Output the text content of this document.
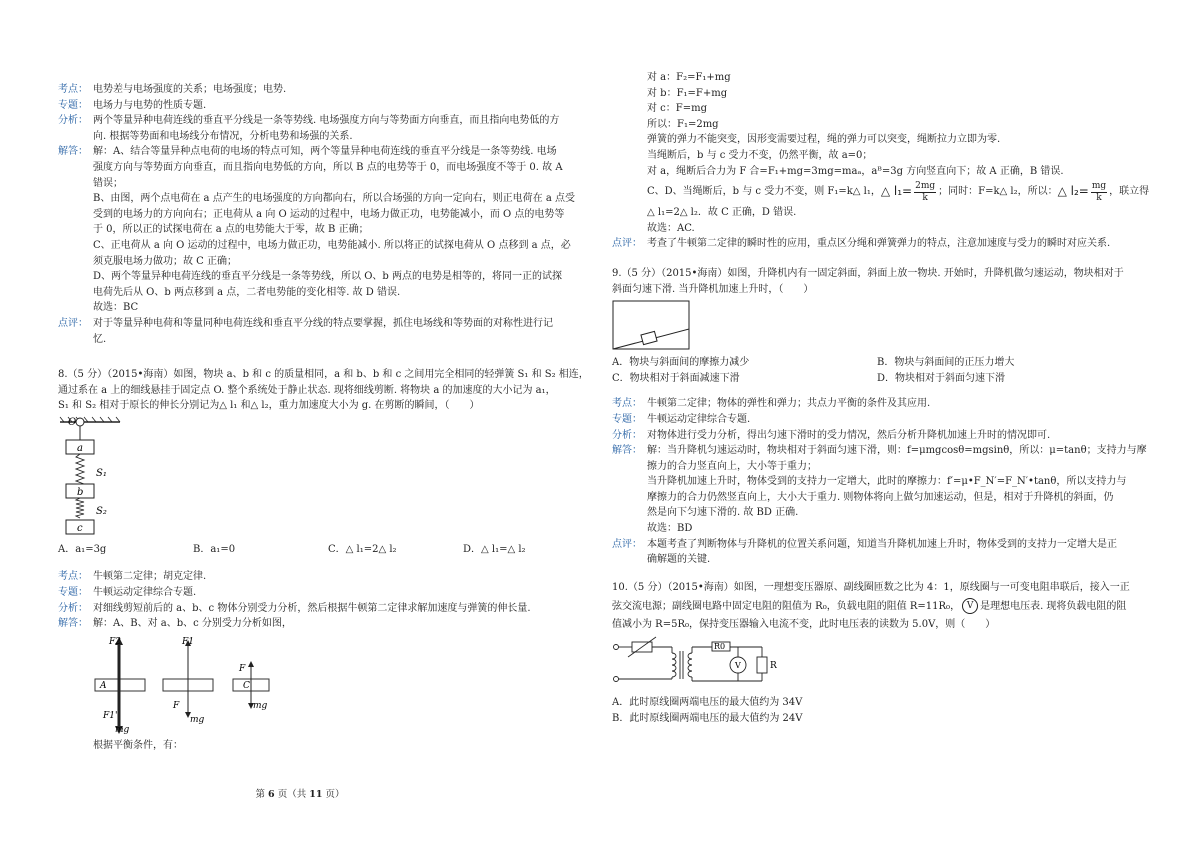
考点： 电势差与电场强度的关系；电场强度；电势.
专题： 电场力与电势的性质专题.
分析： 两个等量异种电荷连线的垂直平分线是一条等势线. 电场强度方向与等势面方向垂直，而且指向电势低的方
向. 根据等势面和电场线分布情况，分析电势和场强的关系.
解答： 解：A、结合等量异种点电荷的电场的特点可知，两个等量异种电荷连线的垂直平分线是一条等势线. 电场
强度方向与等势面方向垂直，而且指向电势低的方向，所以 B 点的电势等于 0，而电场强度不等于 0. 故 A
错误；
B、由图，两个点电荷在 a 点产生的电场强度的方向都向右，所以合场强的方向一定向右，则正电荷在 a 点受
受到的电场力的方向向右；正电荷从 a 向 O 运动的过程中，电场力做正功，电势能减小，而 O 点的电势等
于 0，所以正的试探电荷在 a 点的电势能大于零，故 B 正确；
C、正电荷从 a 向 O 运动的过程中，电场力做正功，电势能减小. 所以将正的试探电荷从 O 点移到 a 点，必
须克服电场力做功；故 C 正确；
D、两个等量异种电荷连线的垂直平分线是一条等势线，所以 O、b 两点的电势是相等的，将同一正的试探
电荷先后从 O、b 两点移到 a 点，二者电势能的变化相等. 故 D 错误.
故选：BC
点评： 对于等量异种电荷和等量同种电荷连线和垂直平分线的特点要掌握，抓住电场线和等势面的对称性进行记
忆.
8.（5 分）（2015•海南）如图，物块 a、b 和 c 的质量相同，a 和 b、b 和 c 之间用完全相同的轻弹簧 S₁ 和 S₂ 相连，
通过系在 a 上的细线悬挂于固定点 O. 整个系统处于静止状态. 现将细线剪断. 将物块 a 的加速度的大小记为 a₁，
S₁ 和 S₂ 相对于原长的伸长分别记为△ l₁ 和△ l₂，重力加速度大小为 g. 在剪断的瞬间，（　　）
O
a
S₁
b
S₂
c
A．a₁=3g	B．a₁=0	C．△ l₁=2△ l₂	D．△ l₁=△ l₂
考点： 牛顿第二定律；胡克定律.
专题： 牛顿运动定律综合专题.
分析： 对细线剪短前后的 a、b、c 物体分别受力分析，然后根据牛顿第二定律求解加速度与弹簧的伸长量.
解答： 解：A、B、对 a、b、c 分别受力分析如图，
F2
A
F1'
mg
F1
F
mg
F
C
mg
根据平衡条件，有：
对 a：F₂=F₁+mg
对 b：F₁=F+mg
对 c：F=mg
所以：F₁=2mg
弹簧的弹力不能突变，因形变需要过程，绳的弹力可以突变，绳断拉力立即为零.
当绳断后，b 与 c 受力不变，仍然平衡，故 a=0；
对 a，绳断后合力为 F 合=F₁+mg=3mg=maₐ，aᴮ=3g 方向竖直向下；故 A 正确，B 错误.
C、D、当绳断后，b 与 c 受力不变，则 F₁=k△ l₁， △ $l_1= \frac{2mg}{k}$ ；同时：F=k△ l₂，所以： △ $l_2= \frac{mg}{k}$ ，联立得
△ l₁=2△ l₂．故 C 正确，D 错误.
故选：AC.
点评： 考查了牛顿第二定律的瞬时性的应用，重点区分绳和弹簧弹力的特点，注意加速度与受力的瞬时对应关系.
9.（5 分）（2015•海南）如图，升降机内有一固定斜面，斜面上放一物块. 开始时，升降机做匀速运动，物块相对于
斜面匀速下滑. 当升降机加速上升时，（　　）
A．物块与斜面间的摩擦力减少	B．物块与斜面间的正压力增大
C．物块相对于斜面减速下滑	D．物块相对于斜面匀速下滑
考点： 牛顿第二定律；物体的弹性和弹力；共点力平衡的条件及其应用.
专题： 牛顿运动定律综合专题.
分析： 对物体进行受力分析，得出匀速下滑时的受力情况，然后分析升降机加速上升时的情况即可.
解答： 解：当升降机匀速运动时，物块相对于斜面匀速下滑，则：f=μmgcosθ=mgsinθ，所以：μ=tanθ；支持力与摩
擦力的合力竖直向上，大小等于重力；
当升降机加速上升时，物体受到的支持力一定增大，此时的摩擦力：f′=μ•F_N′=F_N′•tanθ，所以支持力与
摩擦力的合力仍然竖直向上，大小大于重力. 则物体将向上做匀加速运动，但是，相对于升降机的斜面，仍
然是向下匀速下滑的. 故 BD 正确.
故选：BD
点评： 本题考查了判断物体与升降机的位置关系问题，知道当升降机加速上升时，物体受到的支持力一定增大是正
确解题的关键.
10.（5 分）（2015•海南）如图，一理想变压器原、副线圈匝数之比为 4：1，原线圈与一可变电阻串联后，接入一正
弦交流电源；副线圈电路中固定电阻的阻值为 R₀，负载电阻的阻值 R=11R₀， V 是理想电压表. 现将负载电阻的阻
值减小为 R=5R₀，保持变压器输入电流不变，此时电压表的读数为 5.0V，则（　　）
R0
V	R
A．此时原线圈两端电压的最大值约为 34V
B．此时原线圈两端电压的最大值约为 24V
第 6 页（共 11 页）
